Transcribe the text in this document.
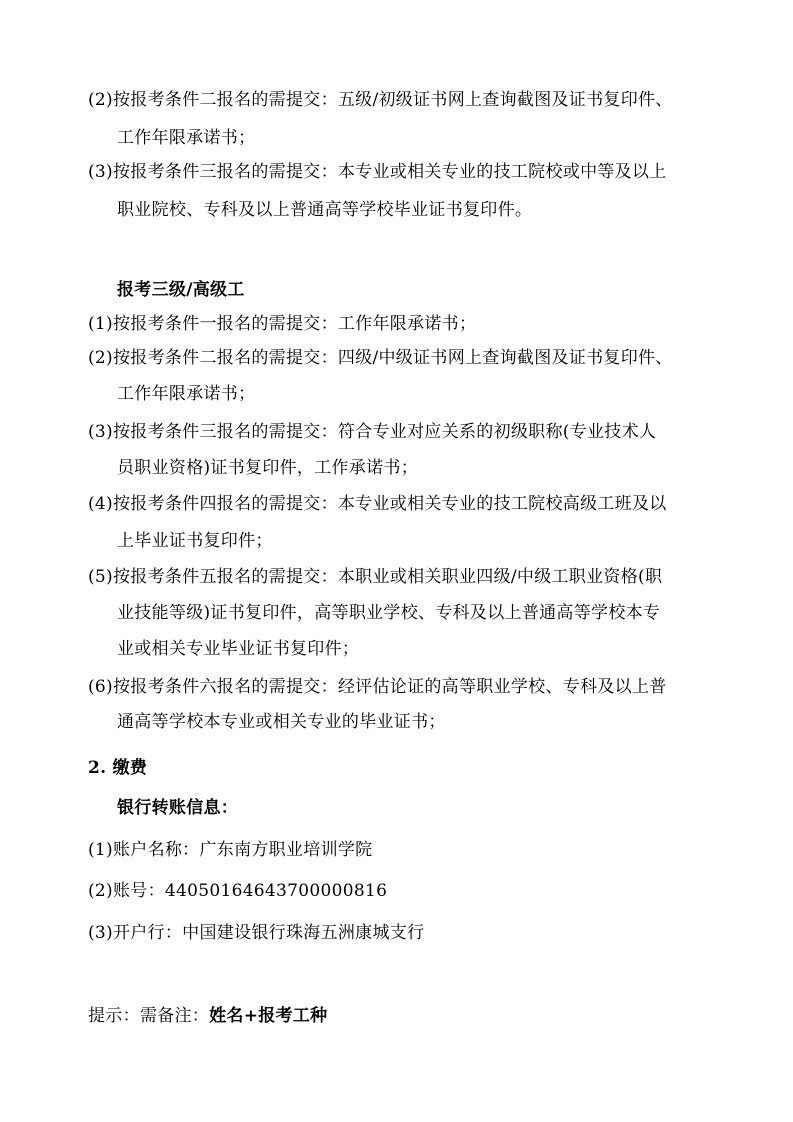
(2)按报考条件二报名的需提交：五级/初级证书网上查询截图及证书复印件、
工作年限承诺书；
(3)按报考条件三报名的需提交：本专业或相关专业的技工院校或中等及以上
职业院校、专科及以上普通高等学校毕业证书复印件。
报考三级/高级工
(1)按报考条件一报名的需提交：工作年限承诺书；
(2)按报考条件二报名的需提交：四级/中级证书网上查询截图及证书复印件、
工作年限承诺书；
(3)按报考条件三报名的需提交：符合专业对应关系的初级职称(专业技术人
员职业资格)证书复印件，工作承诺书；
(4)按报考条件四报名的需提交：本专业或相关专业的技工院校高级工班及以
上毕业证书复印件；
(5)按报考条件五报名的需提交：本职业或相关职业四级/中级工职业资格(职
业技能等级)证书复印件，高等职业学校、专科及以上普通高等学校本专
业或相关专业毕业证书复印件；
(6)按报考条件六报名的需提交：经评估论证的高等职业学校、专科及以上普
通高等学校本专业或相关专业的毕业证书；
2. 缴费
银行转账信息：
(1)账户名称：广东南方职业培训学院
(2)账号：44050164643700000816
(3)开户行：中国建设银行珠海五洲康城支行
提示：需备注：姓名+报考工种
